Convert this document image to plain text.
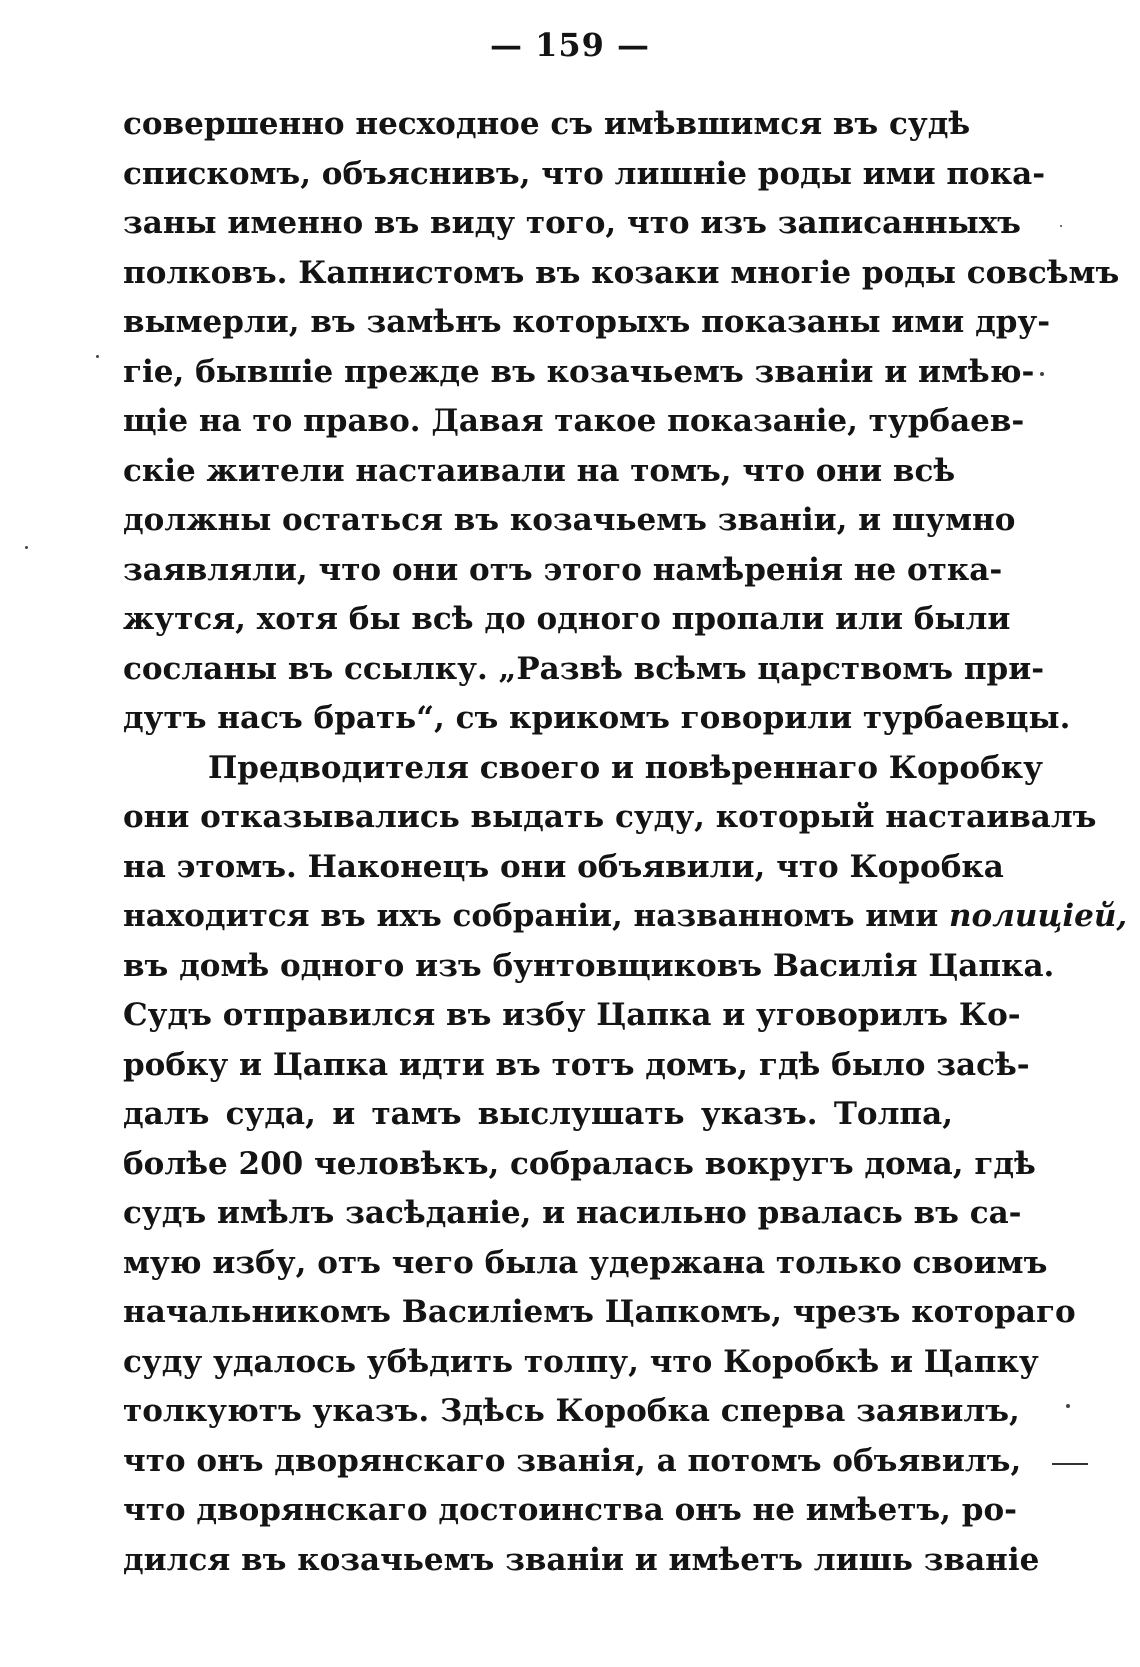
— 159 —
совершенно несходное съ имѣвшимся въ судѣ
спискомъ, объяснивъ, что лишніе роды ими пока-
заны именно въ виду того, что изъ записанныхъ
полковъ. Капнистомъ въ козаки многіе роды совсѣмъ
вымерли, въ замѣнъ которыхъ показаны ими дру-
гіе, бывшіе прежде въ козачьемъ званіи и имѣю-
щіе на то право. Давая такое показаніе, турбаев-
скіе жители настаивали на томъ, что они всѣ
должны остаться въ козачьемъ званіи, и шумно
заявляли, что они отъ этого намѣренія не отка-
жутся, хотя бы всѣ до одного пропали или были
сосланы въ ссылку. „Развѣ всѣмъ царствомъ при-
дутъ насъ брать“, съ крикомъ говорили турбаевцы.
Предводителя своего и повѣреннаго Коробку
они отказывались выдать суду, который настаивалъ
на этомъ. Наконецъ они объявили, что Коробка
находится въ ихъ собраніи, названномъ ими полиціей,
въ домѣ одного изъ бунтовщиковъ Василія Цапка.
Судъ отправился въ избу Цапка и уговорилъ Ко-
робку и Цапка идти въ тотъ домъ, гдѣ было засѣ-
далъ суда, и тамъ выслушать указъ. Толпа,
болѣе 200 человѣкъ, собралась вокругъ дома, гдѣ
судъ имѣлъ засѣданіе, и насильно рвалась въ са-
мую избу, отъ чего была удержана только своимъ
начальникомъ Василіемъ Цапкомъ, чрезъ котораго
суду удалось убѣдить толпу, что Коробкѣ и Цапку
толкуютъ указъ. Здѣсь Коробка сперва заявилъ,
что онъ дворянскаго званія, а потомъ объявилъ,
что дворянскаго достоинства онъ не имѣетъ, ро-
дился въ козачьемъ званіи и имѣетъ лишь званіе
